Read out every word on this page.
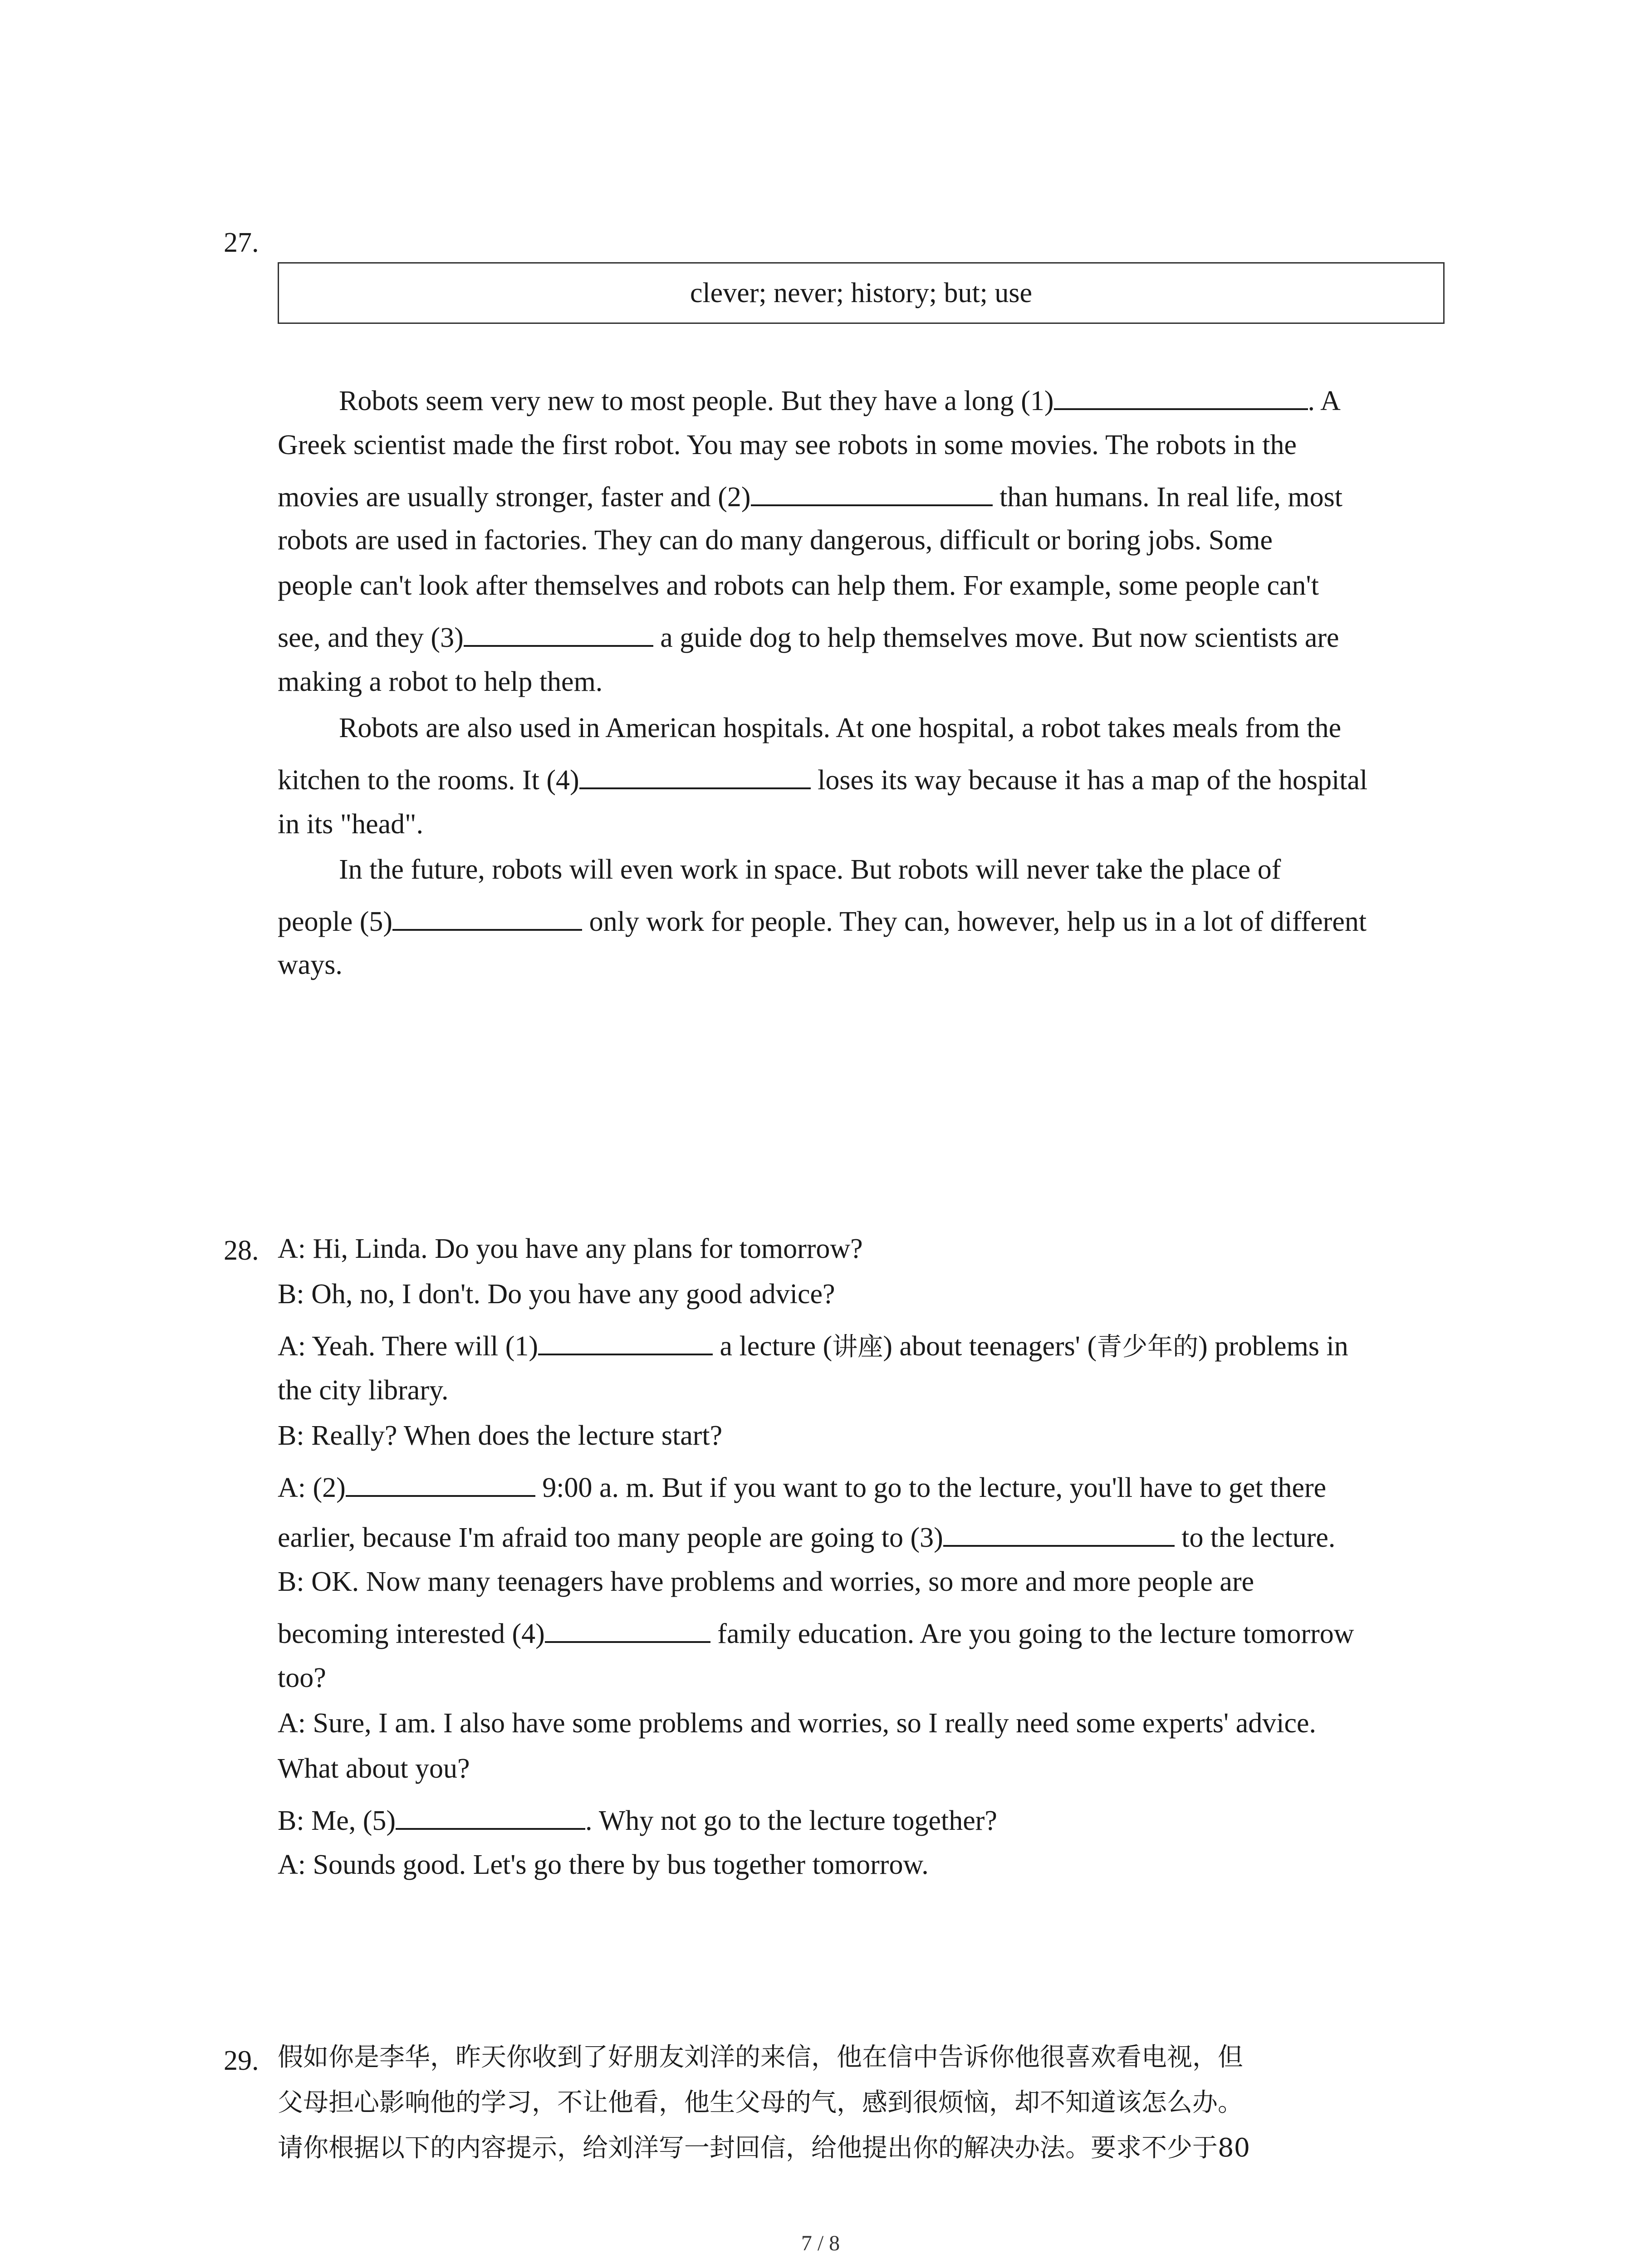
27.
clever; never; history; but; use
Robots seem very new to most people. But they have a long (1)	. A
Greek scientist made the first robot. You may see robots in some movies. The robots in the
movies are usually stronger, faster and (2)	than humans. In real life, most
robots are used in factories. They can do many dangerous, difficult or boring jobs. Some
people can't look after themselves and robots can help them. For example, some people can't
see, and they (3)	a guide dog to help themselves move. But now scientists are
making a robot to help them.
Robots are also used in American hospitals. At one hospital, a robot takes meals from the
kitchen to the rooms. It (4)	loses its way because it has a map of the hospital
in its "head".
In the future, robots will even work in space. But robots will never take the place of
people (5)	only work for people. They can, however, help us in a lot of different
ways.
28. A: Hi, Linda. Do you have any plans for tomorrow?
B: Oh, no, I don't. Do you have any good advice?
A: Yeah. There will (1)	a lecture (讲座) about teenagers' (青少年的) problems in
the city library.
B: Really? When does the lecture start?
A: (2)	9:00 a. m. But if you want to go to the lecture, you'll have to get there
earlier, because I'm afraid too many people are going to (3)	to the lecture.
B: OK. Now many teenagers have problems and worries, so more and more people are
becoming interested (4)	family education. Are you going to the lecture tomorrow
too?
A: Sure, I am. I also have some problems and worries, so I really need some experts' advice.
What about you?
B: Me, (5)	. Why not go to the lecture together?
A: Sounds good. Let's go there by bus together tomorrow.
29. 假如你是李华，昨天你收到了好朋友刘洋的来信，他在信中告诉你他很喜欢看电视，但
父母担心影响他的学习，不让他看，他生父母的气，感到很烦恼，却不知道该怎么办。
请你根据以下的内容提示，给刘洋写一封回信，给他提出你的解决办法。要求不少于80
7 / 8
